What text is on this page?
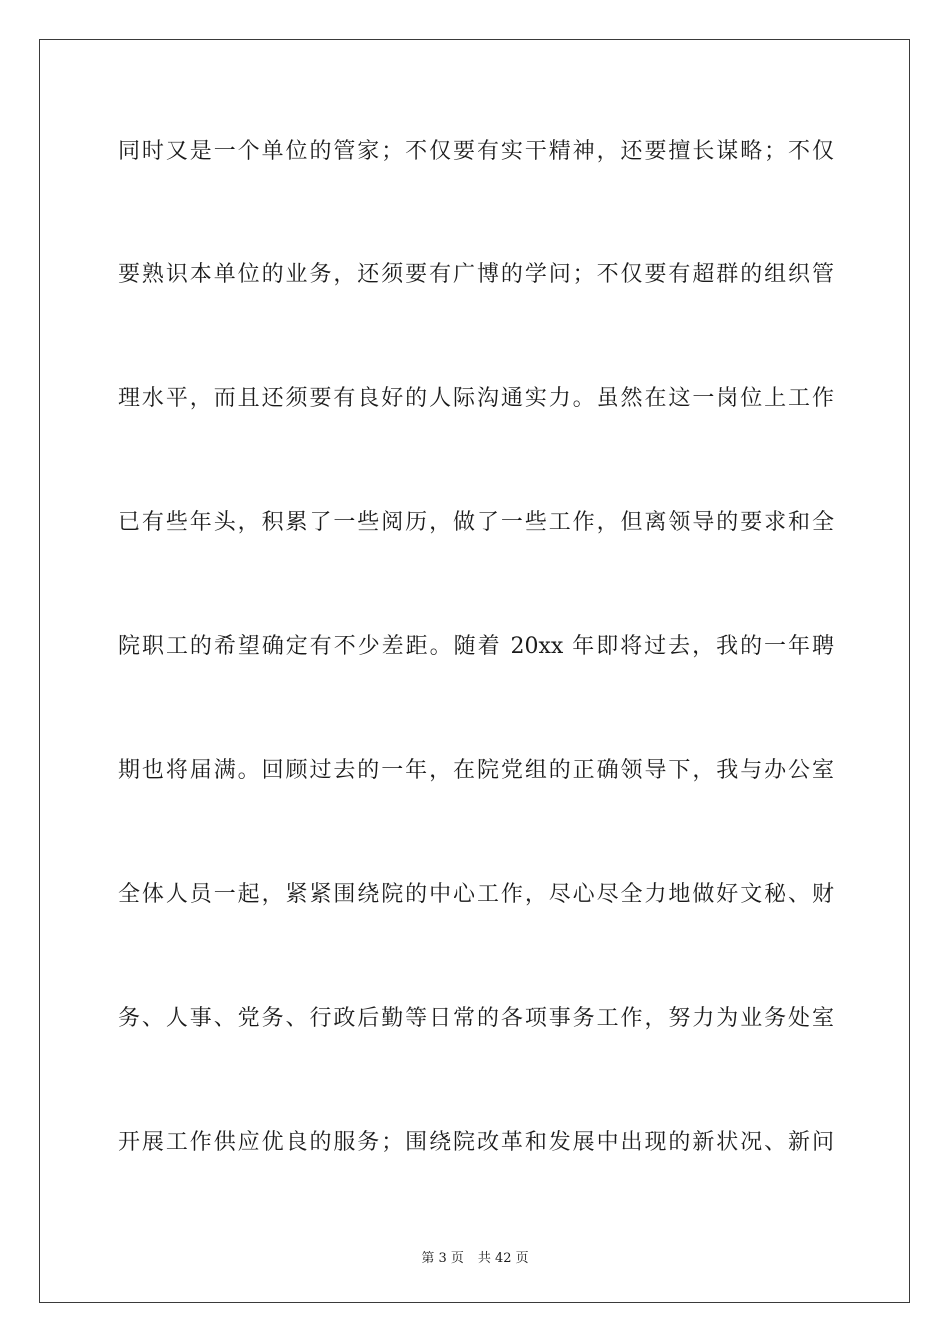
同时又是一个单位的管家；不仅要有实干精神，还要擅长谋略；不仅
要熟识本单位的业务，还须要有广博的学问；不仅要有超群的组织管
理水平，而且还须要有良好的人际沟通实力。虽然在这一岗位上工作
已有些年头，积累了一些阅历，做了一些工作，但离领导的要求和全
院职工的希望确定有不少差距。随着 20xx 年即将过去，我的一年聘
期也将届满。回顾过去的一年，在院党组的正确领导下，我与办公室
全体人员一起，紧紧围绕院的中心工作，尽心尽全力地做好文秘、财
务、人事、党务、行政后勤等日常的各项事务工作，努力为业务处室
开展工作供应优良的服务；围绕院改革和发展中出现的新状况、新问
第 3 页 共 42 页
